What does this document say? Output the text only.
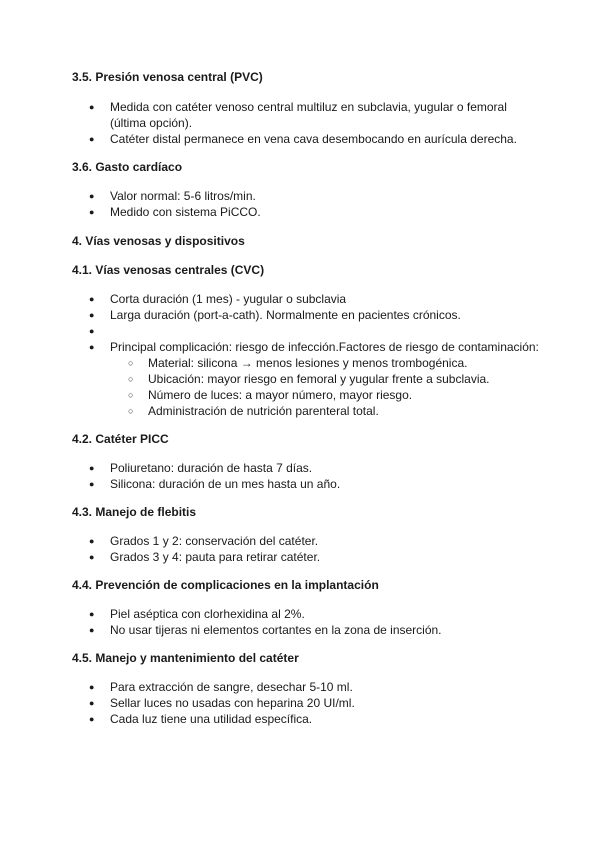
3.5. Presión venosa central (PVC)
● Medida con catéter venoso central multiluz en subclavia, yugular o femoral (última opción).
● Catéter distal permanece en vena cava desembocando en aurícula derecha.
3.6. Gasto cardíaco
● Valor normal: 5-6 litros/min.
● Medido con sistema PiCCO.
4. Vías venosas y dispositivos
4.1. Vías venosas centrales (CVC)
● Corta duración (1 mes) - yugular o subclavia
● Larga duración (port-a-cath). Normalmente en pacientes crónicos.
●
● Principal complicación: riesgo de infección.Factores de riesgo de contaminación:
○ Material: silicona → menos lesiones y menos trombogénica.
○ Ubicación: mayor riesgo en femoral y yugular frente a subclavia.
○ Número de luces: a mayor número, mayor riesgo.
○ Administración de nutrición parenteral total.
4.2. Catéter PICC
● Poliuretano: duración de hasta 7 días.
● Silicona: duración de un mes hasta un año.
4.3. Manejo de flebitis
● Grados 1 y 2: conservación del catéter.
● Grados 3 y 4: pauta para retirar catéter.
4.4. Prevención de complicaciones en la implantación
● Piel aséptica con clorhexidina al 2%.
● No usar tijeras ni elementos cortantes en la zona de inserción.
4.5. Manejo y mantenimiento del catéter
● Para extracción de sangre, desechar 5-10 ml.
● Sellar luces no usadas con heparina 20 UI/ml.
● Cada luz tiene una utilidad específica.
